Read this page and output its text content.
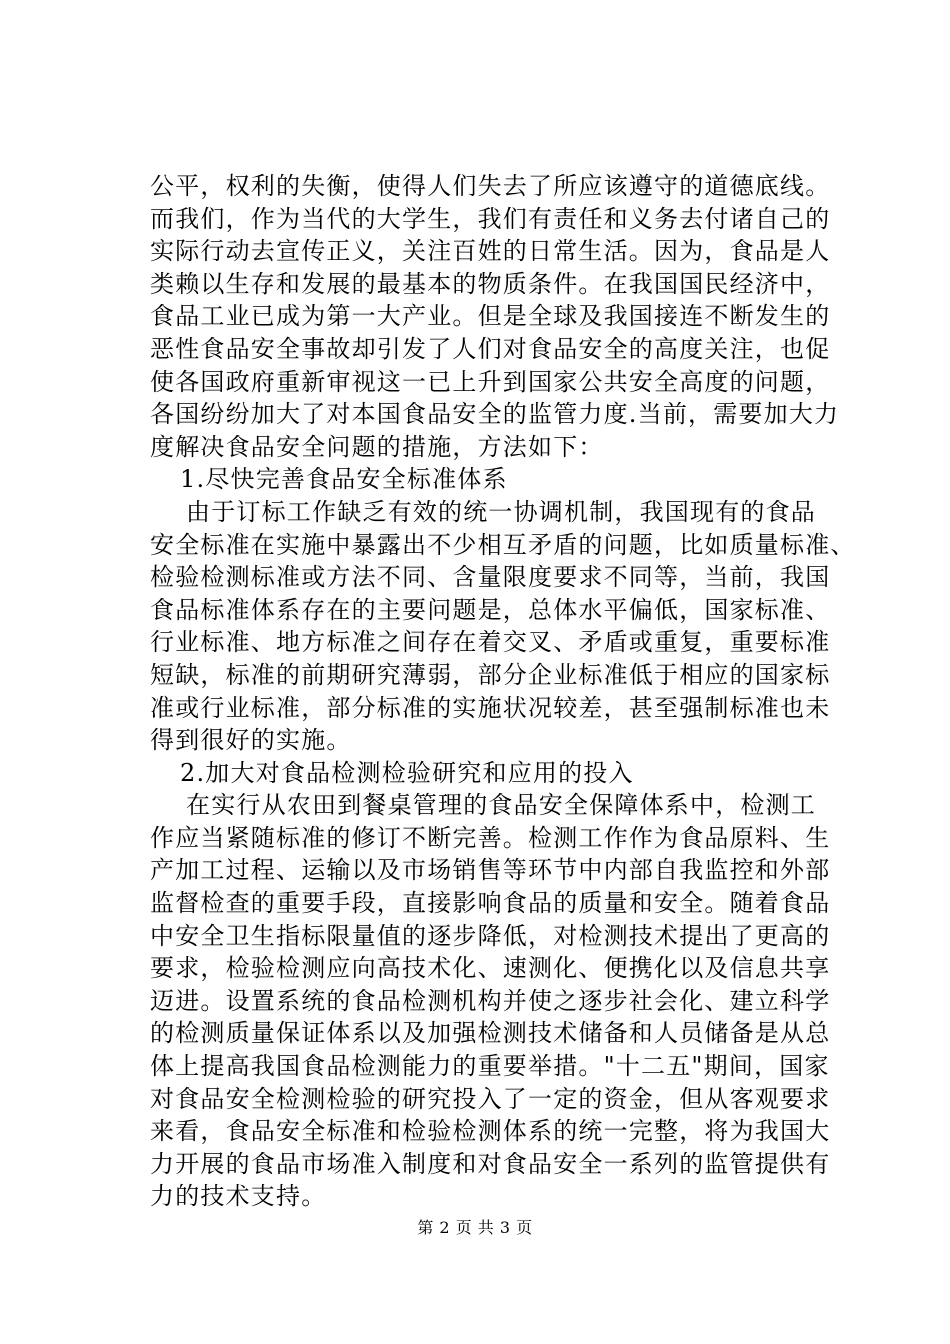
公平，权利的失衡，使得人们失去了所应该遵守的道德底线。
而我们，作为当代的大学生，我们有责任和义务去付诸自己的
实际行动去宣传正义，关注百姓的日常生活。因为，食品是人
类赖以生存和发展的最基本的物质条件。在我国国民经济中，
食品工业已成为第一大产业。但是全球及我国接连不断发生的
恶性食品安全事故却引发了人们对食品安全的高度关注，也促
使各国政府重新审视这一已上升到国家公共安全高度的问题，
各国纷纷加大了对本国食品安全的监管力度.当前，需要加大力
度解决食品安全问题的措施，方法如下：
1.尽快完善食品安全标准体系
由于订标工作缺乏有效的统一协调机制，我国现有的食品
安全标准在实施中暴露出不少相互矛盾的问题，比如质量标准、
检验检测标准或方法不同、含量限度要求不同等，当前，我国
食品标准体系存在的主要问题是，总体水平偏低，国家标准、
行业标准、地方标准之间存在着交叉、矛盾或重复，重要标准
短缺，标准的前期研究薄弱，部分企业标准低于相应的国家标
准或行业标准，部分标准的实施状况较差，甚至强制标准也未
得到很好的实施。
2.加大对食品检测检验研究和应用的投入
在实行从农田到餐桌管理的食品安全保障体系中，检测工
作应当紧随标准的修订不断完善。检测工作作为食品原料、生
产加工过程、运输以及市场销售等环节中内部自我监控和外部
监督检查的重要手段，直接影响食品的质量和安全。随着食品
中安全卫生指标限量值的逐步降低，对检测技术提出了更高的
要求，检验检测应向高技术化、速测化、便携化以及信息共享
迈进。设置系统的食品检测机构并使之逐步社会化、建立科学
的检测质量保证体系以及加强检测技术储备和人员储备是从总
体上提高我国食品检测能力的重要举措。"十二五"期间，国家
对食品安全检测检验的研究投入了一定的资金，但从客观要求
来看，食品安全标准和检验检测体系的统一完整，将为我国大
力开展的食品市场准入制度和对食品安全一系列的监管提供有
力的技术支持。
第 2 页 共 3 页
